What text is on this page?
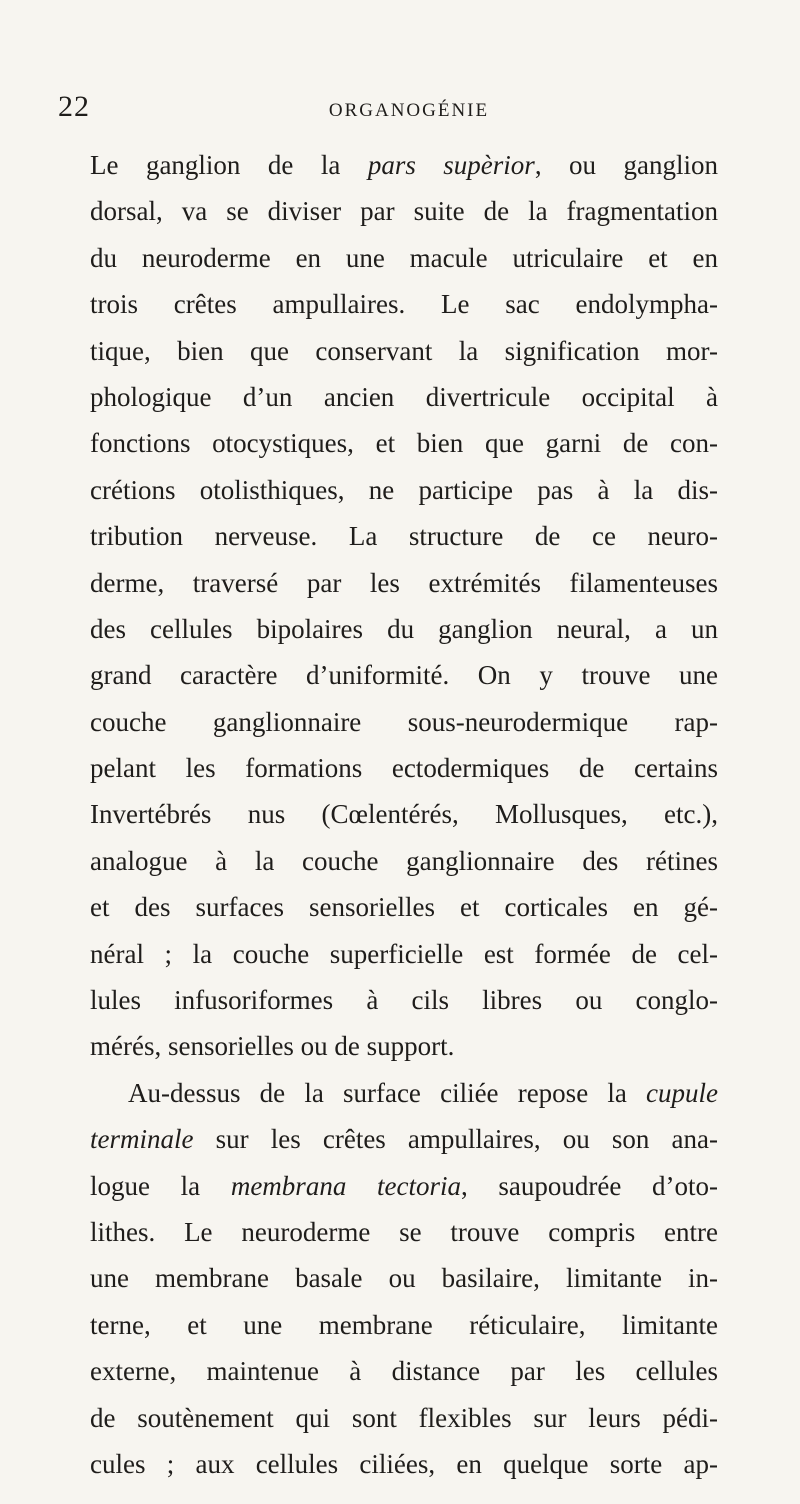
22	ORGANOGÉNIE
Le ganglion de la pars supèrior, ou ganglion
dorsal, va se diviser par suite de la fragmentation
du neuroderme en une macule utriculaire et en
trois crêtes ampullaires. Le sac endolympha-
tique, bien que conservant la signification mor-
phologique d’un ancien divertricule occipital à
fonctions otocystiques, et bien que garni de con-
crétions otolisthiques, ne participe pas à la dis-
tribution nerveuse. La structure de ce neuro-
derme, traversé par les extrémités filamenteuses
des cellules bipolaires du ganglion neural, a un
grand caractère d’uniformité. On y trouve une
couche ganglionnaire sous-neurodermique rap-
pelant les formations ectodermiques de certains
Invertébrés nus (Cœlentérés, Mollusques, etc.),
analogue à la couche ganglionnaire des rétines
et des surfaces sensorielles et corticales en gé-
néral ; la couche superficielle est formée de cel-
lules infusoriformes à cils libres ou conglo-
mérés, sensorielles ou de support.
Au-dessus de la surface ciliée repose la cupule
terminale sur les crêtes ampullaires, ou son ana-
logue la membrana tectoria, saupoudrée d’oto-
lithes. Le neuroderme se trouve compris entre
une membrane basale ou basilaire, limitante in-
terne, et une membrane réticulaire, limitante
externe, maintenue à distance par les cellules
de soutènement qui sont flexibles sur leurs pédi-
cules ; aux cellules ciliées, en quelque sorte ap-
